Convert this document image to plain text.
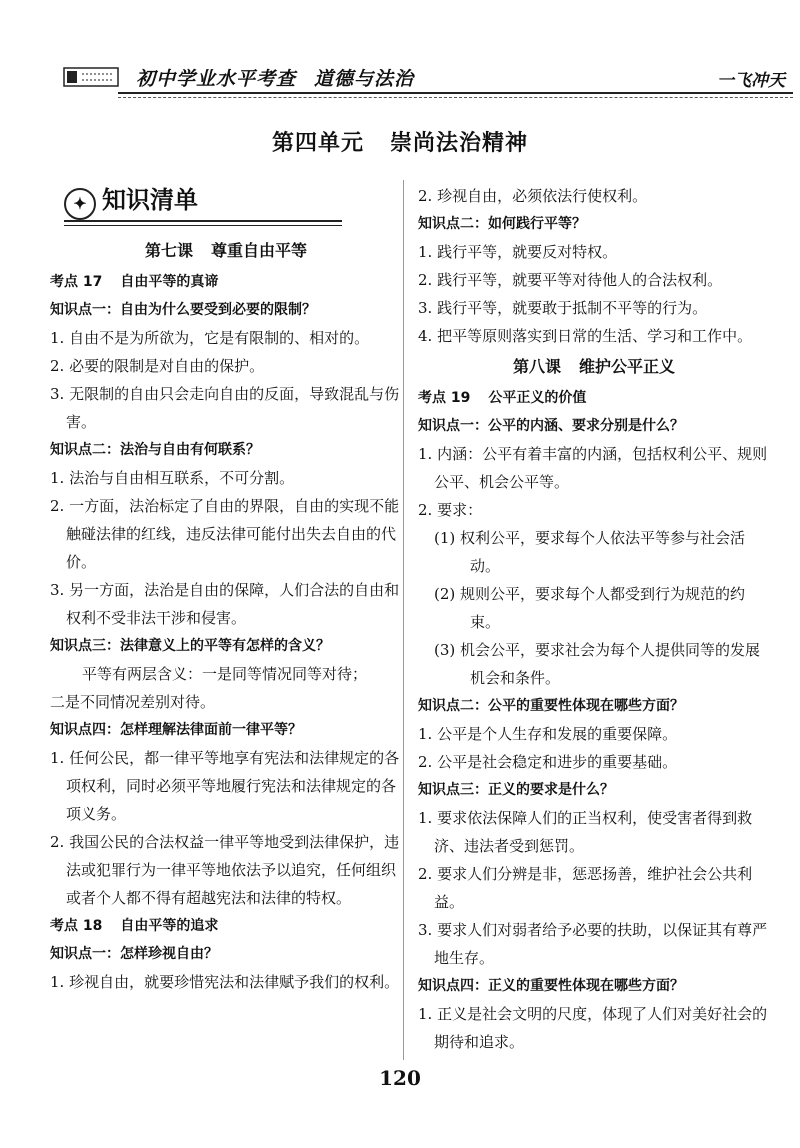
初中学业水平考查 道德与法治	一飞冲天
第四单元 崇尚法治精神
✦ 知识清单
第七课 尊重自由平等
考点 17 自由平等的真谛
知识点一：自由为什么要受到必要的限制？
1. 自由不是为所欲为，它是有限制的、相对的。
2. 必要的限制是对自由的保护。
3. 无限制的自由只会走向自由的反面，导致混乱与伤害。
知识点二：法治与自由有何联系？
1. 法治与自由相互联系，不可分割。
2. 一方面，法治标定了自由的界限，自由的实现不能触碰法律的红线，违反法律可能付出失去自由的代价。
3. 另一方面，法治是自由的保障，人们合法的自由和权利不受非法干涉和侵害。
知识点三：法律意义上的平等有怎样的含义？
平等有两层含义：一是同等情况同等对待；
二是不同情况差别对待。
知识点四：怎样理解法律面前一律平等？
1. 任何公民，都一律平等地享有宪法和法律规定的各项权利，同时必须平等地履行宪法和法律规定的各项义务。
2. 我国公民的合法权益一律平等地受到法律保护，违法或犯罪行为一律平等地依法予以追究，任何组织或者个人都不得有超越宪法和法律的特权。
考点 18 自由平等的追求
知识点一：怎样珍视自由？
1. 珍视自由，就要珍惜宪法和法律赋予我们的权利。
2. 珍视自由，必须依法行使权利。
知识点二：如何践行平等？
1. 践行平等，就要反对特权。
2. 践行平等，就要平等对待他人的合法权利。
3. 践行平等，就要敢于抵制不平等的行为。
4. 把平等原则落实到日常的生活、学习和工作中。
第八课 维护公平正义
考点 19 公平正义的价值
知识点一：公平的内涵、要求分别是什么？
1. 内涵：公平有着丰富的内涵，包括权利公平、规则公平、机会公平等。
2. 要求：
(1) 权利公平，要求每个人依法平等参与社会活动。
(2) 规则公平，要求每个人都受到行为规范的约束。
(3) 机会公平，要求社会为每个人提供同等的发展机会和条件。
知识点二：公平的重要性体现在哪些方面？
1. 公平是个人生存和发展的重要保障。
2. 公平是社会稳定和进步的重要基础。
知识点三：正义的要求是什么？
1. 要求依法保障人们的正当权利，使受害者得到救济、违法者受到惩罚。
2. 要求人们分辨是非，惩恶扬善，维护社会公共利益。
3. 要求人们对弱者给予必要的扶助，以保证其有尊严地生存。
知识点四：正义的重要性体现在哪些方面？
1. 正义是社会文明的尺度，体现了人们对美好社会的期待和追求。
120
